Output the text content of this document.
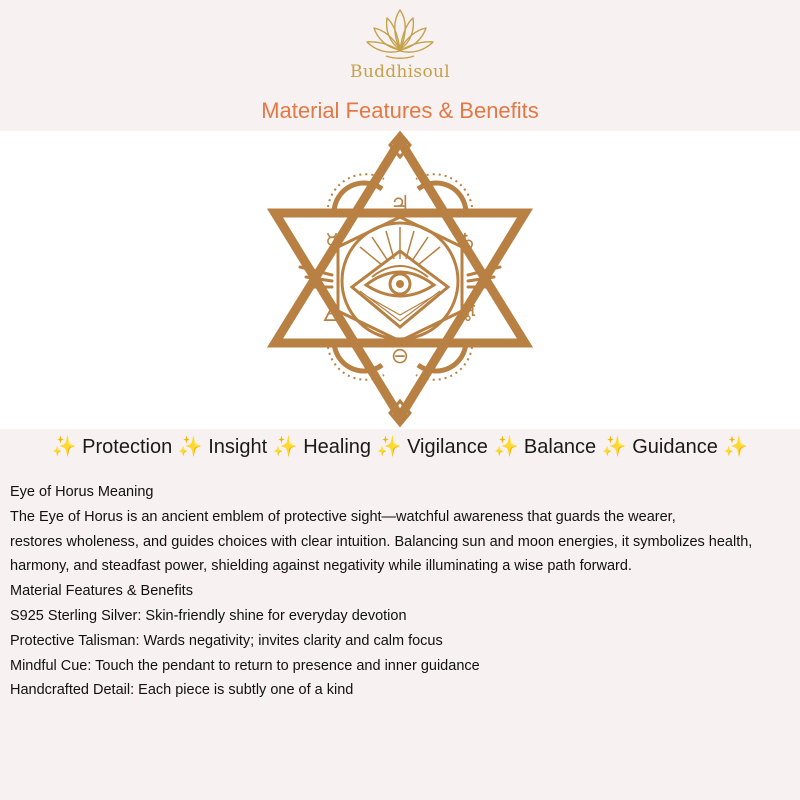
Buddhisoul
Material Features & Benefits
♃
♄
☿
♅
🜁
⊖
✨ Protection ✨ Insight ✨ Healing ✨ Vigilance ✨ Balance ✨ Guidance ✨

Eye of Horus Meaning

The Eye of Horus is an ancient emblem of protective sight—watchful awareness that guards the wearer,

restores wholeness, and guides choices with clear intuition. Balancing sun and moon energies, it symbolizes health,

harmony, and steadfast power, shielding against negativity while illuminating a wise path forward.

Material Features & Benefits

S925 Sterling Silver: Skin-friendly shine for everyday devotion

Protective Talisman: Wards negativity; invites clarity and calm focus

Mindful Cue: Touch the pendant to return to presence and inner guidance

Handcrafted Detail: Each piece is subtly one of a kind
